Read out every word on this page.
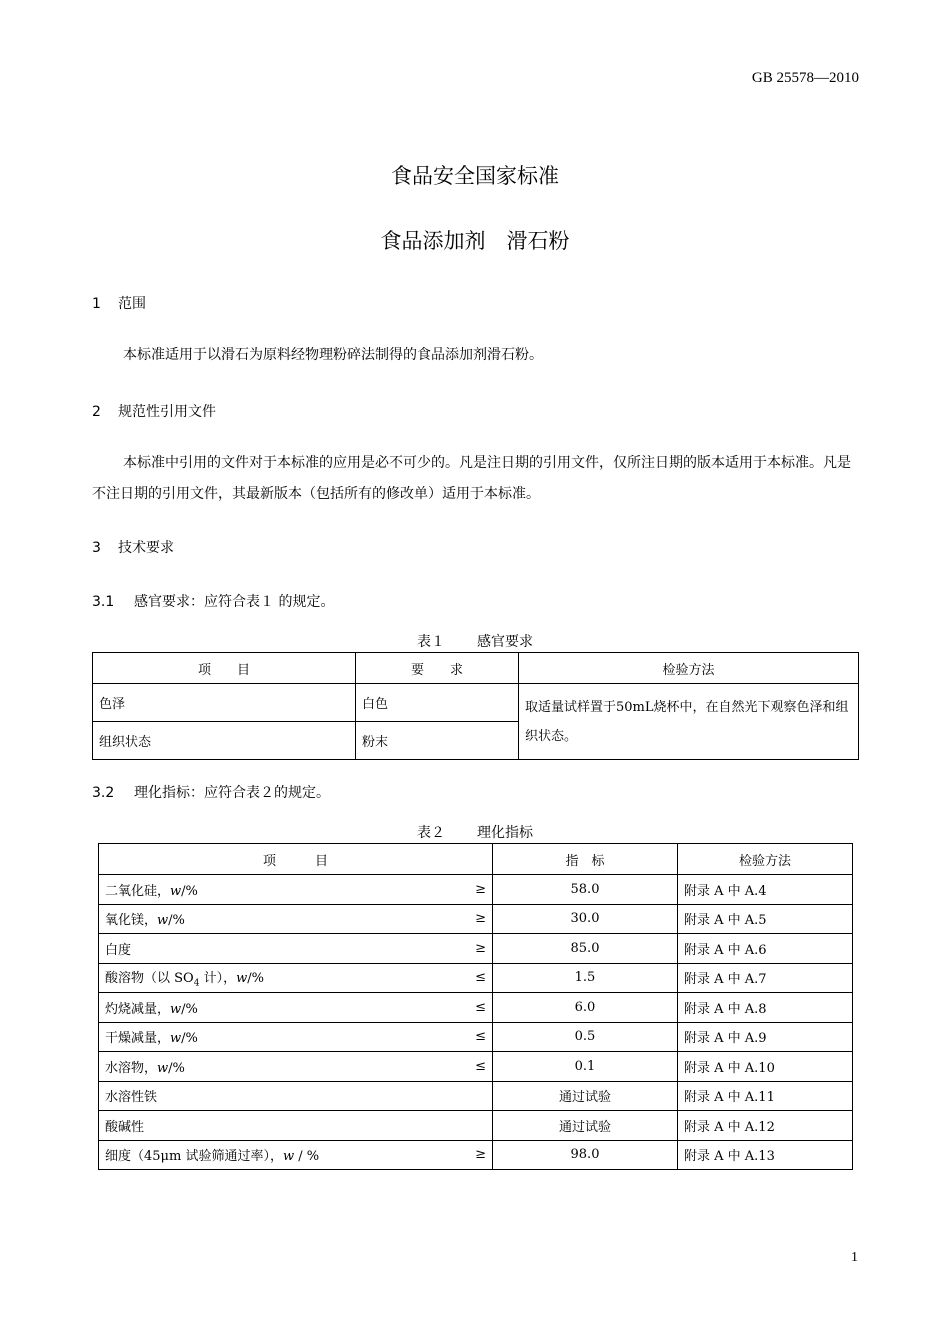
GB 25578—2010
食品安全国家标准
食品添加剂　滑石粉
1 范围
本标准适用于以滑石为原料经物理粉碎法制得的食品添加剂滑石粉。
2 规范性引用文件
本标准中引用的文件对于本标准的应用是必不可少的。凡是注日期的引用文件，仅所注日期的版本适用于本标准。凡是不注日期的引用文件，其最新版本（包括所有的修改单）适用于本标准。
3 技术要求
3.1 感官要求：应符合表１ 的规定。
表１ 感官要求
项　　目	要　　求	检验方法
色泽	白色	取适量试样置于50mL烧杯中，在自然光下观察色泽和组织状态。
组织状态	粉末	
3.2 理化指标：应符合表２的规定。
表２ 理化指标
项　　　目	指　标	检验方法

二氧化硅，w/% ≥	58.0	附录 A 中 A.4

氧化镁，w/% ≥	30.0	附录 A 中 A.5

白度 ≥	85.0	附录 A 中 A.6

酸溶物（以 $SO_4$ 计），w/% ≤	1.5	附录 A 中 A.7

灼烧减量，w/% ≤	6.0	附录 A 中 A.8

干燥减量，w/% ≤	0.5	附录 A 中 A.9

水溶物，w/% ≤	0.1	附录 A 中 A.10

水溶性铁	通过试验	附录 A 中 A.11

酸碱性	通过试验	附录 A 中 A.12

细度（45μm 试验筛通过率），w / % ≥	98.0	附录 A 中 A.13
1
